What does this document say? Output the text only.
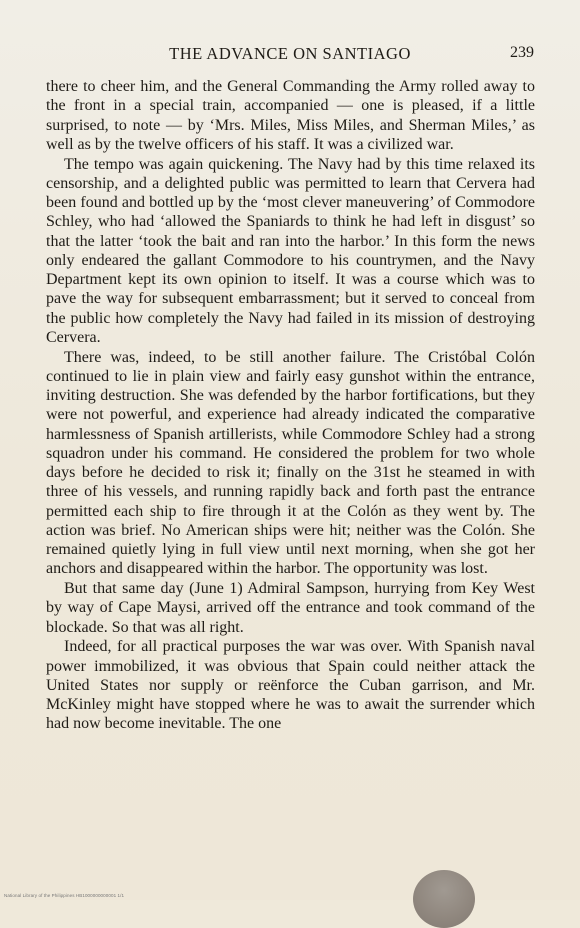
THE ADVANCE ON SANTIAGO	239

there to cheer him, and the General Commanding the Army rolled away to the front in a special train, accompanied — one is pleased, if a little surprised, to note — by ‘Mrs. Miles, Miss Miles, and Sherman Miles,’ as well as by the twelve officers of his staff. It was a civilized war.

The tempo was again quickening. The Navy had by this time relaxed its censorship, and a delighted public was permitted to learn that Cervera had been found and bottled up by the ‘most clever maneuvering’ of Commodore Schley, who had ‘allowed the Spaniards to think he had left in disgust’ so that the latter ‘took the bait and ran into the harbor.’ In this form the news only endeared the gallant Commodore to his countrymen, and the Navy Department kept its own opinion to itself. It was a course which was to pave the way for subsequent embarrassment; but it served to conceal from the public how completely the Navy had failed in its mission of destroying Cervera.

There was, indeed, to be still another failure. The Cristóbal Colón continued to lie in plain view and fairly easy gunshot within the entrance, inviting destruction. She was defended by the harbor fortifications, but they were not powerful, and experience had already indicated the comparative harmlessness of Spanish artillerists, while Commodore Schley had a strong squadron under his command. He considered the problem for two whole days before he decided to risk it; finally on the 31st he steamed in with three of his vessels, and running rapidly back and forth past the entrance permitted each ship to fire through it at the Colón as they went by. The action was brief. No American ships were hit; neither was the Colón. She remained quietly lying in full view until next morning, when she got her anchors and disappeared within the harbor. The opportunity was lost.

But that same day (June 1) Admiral Sampson, hurrying from Key West by way of Cape Maysi, arrived off the entrance and took command of the blockade. So that was all right.

Indeed, for all practical purposes the war was over. With Spanish naval power immobilized, it was obvious that Spain could neither attack the United States nor supply or reënforce the Cuban garrison, and Mr. McKinley might have stopped where he was to await the surrender which had now become inevitable. The one

National Library of the Philippines HB1000000000001 1/1
